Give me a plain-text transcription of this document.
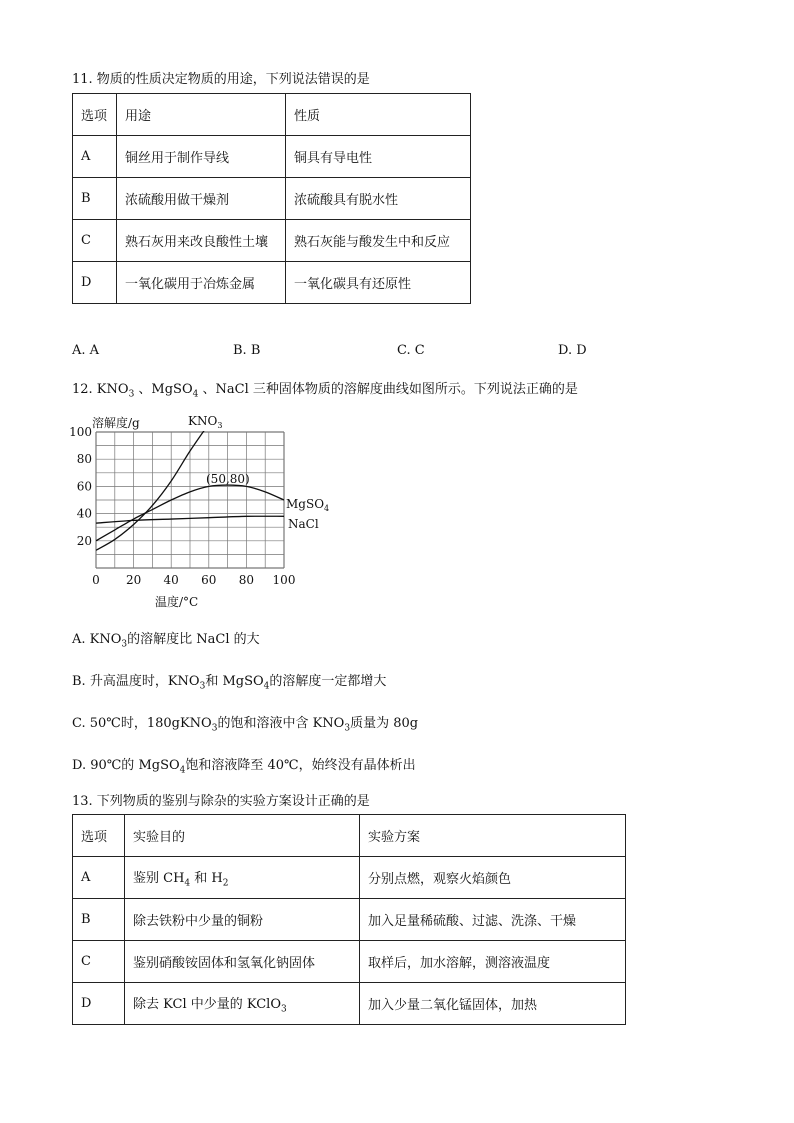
11. 物质的性质决定物质的用途，下列说法错误的是
选项	用途	性质
A	铜丝用于制作导线	铜具有导电性
B	浓硫酸用做干燥剂	浓硫酸具有脱水性
C	熟石灰用来改良酸性土壤	熟石灰能与酸发生中和反应
D	一氧化碳用于冶炼金属	一氧化碳具有还原性
A. A	B. B	C. C	D. D
12. $KNO_3$ 、MgSO$_4$ 、NaCl 三种固体物质的溶解度曲线如图所示。下列说法正确的是
0 20 40 60 80 100
20
40
60
80
100
溶解度/g
温度/°C
$KNO_3$
MgSO$_4$
NaCl
(50,80)
A. $KNO_3$的溶解度比 NaCl 的大
B. 升高温度时，$KNO_3$和 MgSO$_4$的溶解度一定都增大
C. 50℃时，180gKNO$_3$的饱和溶液中含 $KNO_3$质量为 80g
D. 90℃的 MgSO$_4$饱和溶液降至 40℃，始终没有晶体析出
13. 下列物质的鉴别与除杂的实验方案设计正确的是
选项	实验目的	实验方案
A	鉴别 $CH_4$ 和 $H_2$	分别点燃，观察火焰颜色
B	除去铁粉中少量的铜粉	加入足量稀硫酸、过滤、洗涤、干燥
C	鉴别硝酸铵固体和氢氧化钠固体	取样后，加水溶解，测溶液温度
D	除去 KCl 中少量的 KClO$_3$	加入少量二氧化锰固体，加热
